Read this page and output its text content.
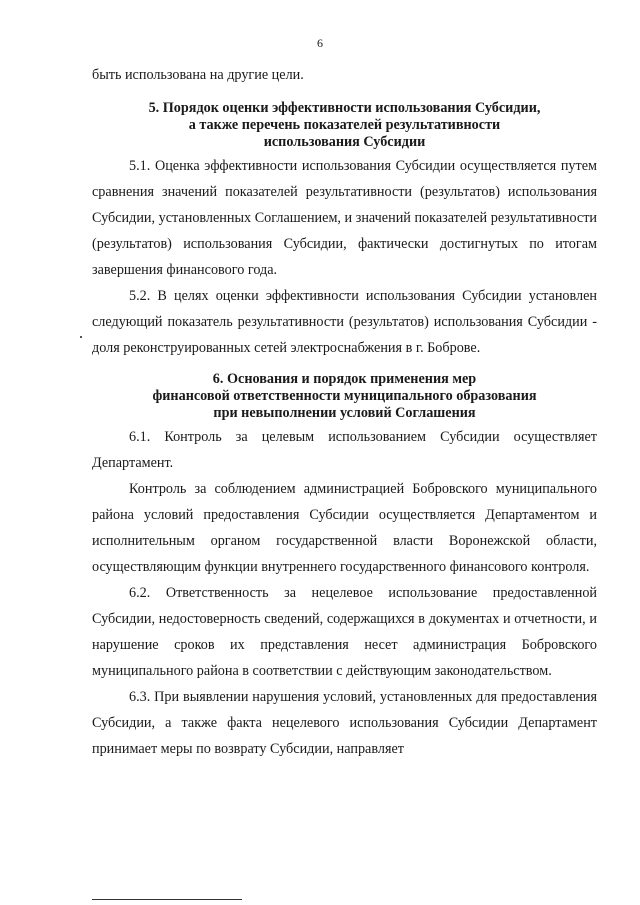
6

быть использована на другие цели.

5. Порядок оценки эффективности использования Субсидии,
а также перечень показателей результативности
использования Субсидии

5.1. Оценка эффективности использования Субсидии осуществляется путем сравнения значений показателей результативности (результатов) использования Субсидии, установленных Соглашением, и значений показателей результативности (результатов) использования Субсидии, фактически достигнутых по итогам завершения финансового года.

5.2. В целях оценки эффективности использования Субсидии установлен следующий показатель результативности (результатов) использования Субсидии - доля реконструированных сетей электроснабжения в г. Боброве.

6. Основания и порядок применения мер
финансовой ответственности муниципального образования
при невыполнении условий Соглашения

6.1. Контроль за целевым использованием Субсидии осуществляет Департамент.

Контроль за соблюдением администрацией Бобровского муниципального района условий предоставления Субсидии осуществляется Департаментом и исполнительным органом государственной власти Воронежской области, осуществляющим функции внутреннего государственного финансового контроля.

6.2. Ответственность за нецелевое использование предоставленной Субсидии, недостоверность сведений, содержащихся в документах и отчетности, и нарушение сроков их представления несет администрация Бобровского муниципального района в соответствии с действующим законодательством.

6.3. При выявлении нарушения условий, установленных для предоставления Субсидии, а также факта нецелевого использования Субсидии Департамент принимает меры по возврату Субсидии, направляет
